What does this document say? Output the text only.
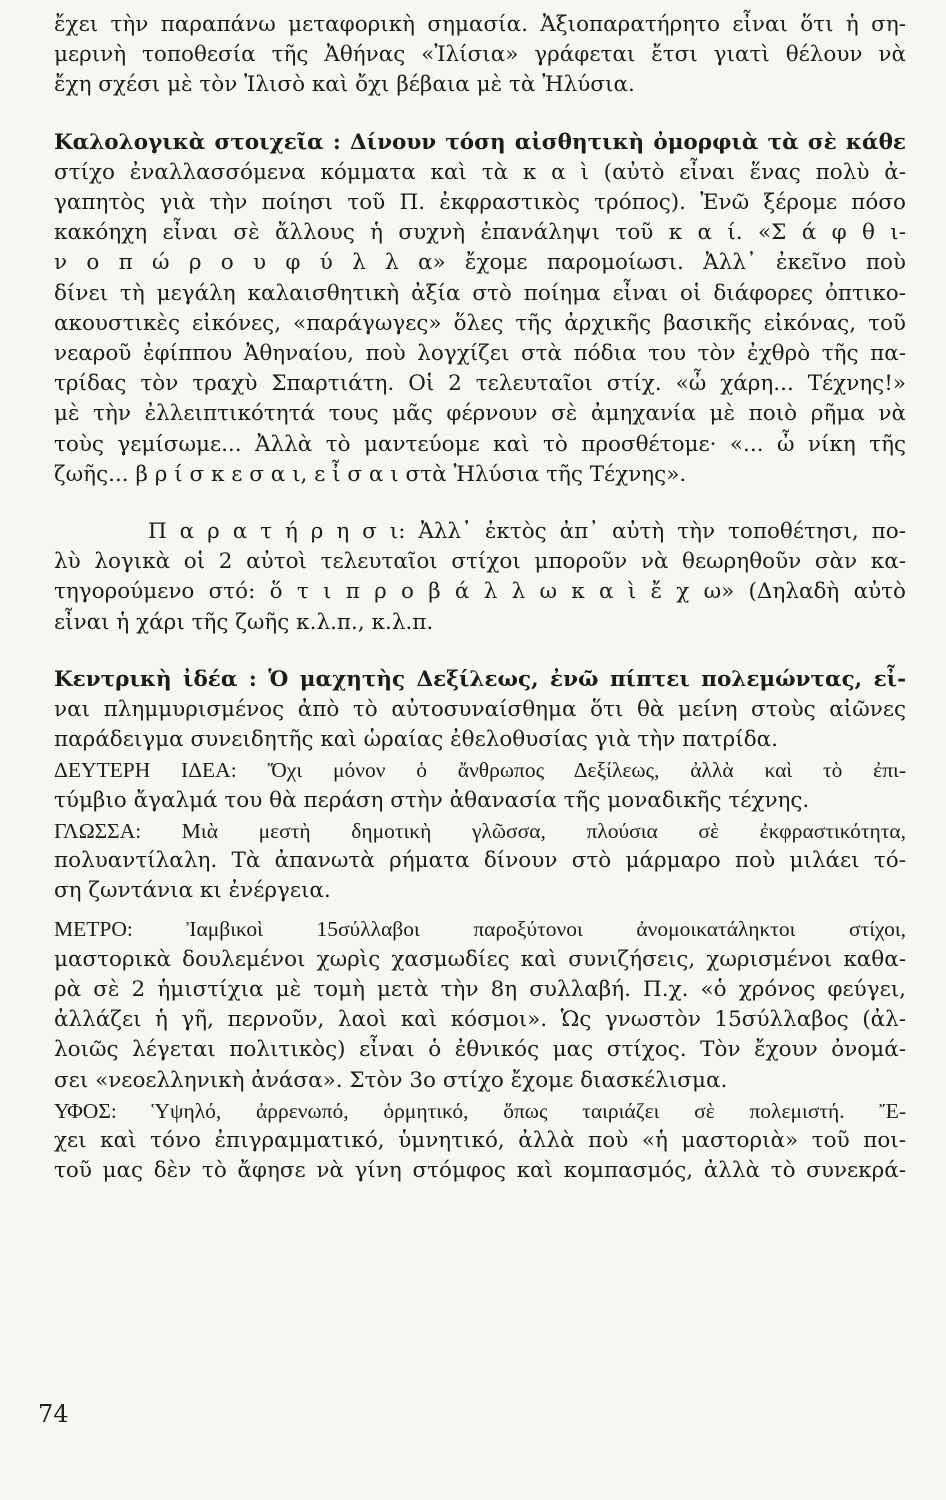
ἔχει τὴν παραπάνω μεταφορικὴ σημασία. Ἀξιοπαρατήρητο εἶναι ὅτι ἡ ση-
μερινὴ τοποθεσία τῆς Ἀθήνας «Ἰλίσια» γράφεται ἔτσι γιατὶ θέλουν νὰ
ἔχη σχέσι μὲ τὸν Ἰλισὸ καὶ ὄχι βέβαια μὲ τὰ Ἠλύσια.
Καλολογικὰ στοιχεῖα : Δίνουν τόση αἰσθητικὴ ὀμορφιὰ τὰ σὲ κάθε
στίχο ἐναλλασσόμενα κόμματα καὶ τὰ κ α ὶ (αὐτὸ εἶναι ἕνας πολὺ ἀ-
γαπητὸς γιὰ τὴν ποίησι τοῦ Π. ἐκφραστικὸς τρόπος). Ἐνῶ ξέρομε πόσο
κακόηχη εἶναι σὲ ἄλλους ἡ συχνὴ ἐπανάληψι τοῦ κ α ί. «Σ ά φ θ ι-
ν ο π ώ ρ ο υ φ ύ λ λ α» ἔχομε παρομοίωσι. Ἀλλ᾽ ἐκεῖνο ποὺ
δίνει τὴ μεγάλη καλαισθητικὴ ἀξία στὸ ποίημα εἶναι οἱ διάφορες ὀπτικο-
ακουστικὲς εἰκόνες, «παράγωγες» ὅλες τῆς ἀρχικῆς βασικῆς εἰκόνας, τοῦ
νεαροῦ ἐφίππου Ἀθηναίου, ποὺ λογχίζει στὰ πόδια του τὸν ἐχθρὸ τῆς πα-
τρίδας τὸν τραχὺ Σπαρτιάτη. Οἱ 2 τελευταῖοι στίχ. «ὦ χάρη... Τέχνης!»
μὲ τὴν ἐλλειπτικότητά τους μᾶς φέρνουν σὲ ἀμηχανία μὲ ποιὸ ρῆμα νὰ
τοὺς γεμίσωμε... Ἀλλὰ τὸ μαντεύομε καὶ τὸ προσθέτομε· «... ὦ νίκη τῆς
ζωῆς... β ρ ί σ κ ε σ α ι, ε ἶ σ α ι στὰ Ἠλύσια τῆς Τέχνης».
Π α ρ α τ ή ρ η σ ι: Ἀλλ᾽ ἐκτὸς ἀπ᾽ αὐτὴ τὴν τοποθέτησι, πο-
λὺ λογικὰ οἱ 2 αὐτοὶ τελευταῖοι στίχοι μποροῦν νὰ θεωρηθοῦν σὰν κα-
τηγορούμενο στό: ὅ τ ι π ρ ο β ά λ λ ω κ α ὶ ἔ χ ω» (Δηλαδὴ αὐτὸ
εἶναι ἡ χάρι τῆς ζωῆς κ.λ.π., κ.λ.π.
Κεντρικὴ ἰδέα : Ὁ μαχητὴς Δεξίλεως, ἐνῶ πίπτει πολεμώντας, εἶ-
ναι πλημμυρισμένος ἀπὸ τὸ αὐτοσυναίσθημα ὅτι θὰ μείνη στοὺς αἰῶνες
παράδειγμα συνειδητῆς καὶ ὡραίας ἐθελοθυσίας γιὰ τὴν πατρίδα.
ΔΕΥΤΕΡΗ ΙΔΕΑ: Ὄχι μόνον ὁ ἄνθρωπος Δεξίλεως, ἀλλὰ καὶ τὸ ἐπι-
τύμβιο ἄγαλμά του θὰ περάση στὴν ἀθανασία τῆς μοναδικῆς τέχνης.
ΓΛΩΣΣΑ: Μιὰ μεστὴ δημοτικὴ γλῶσσα, πλούσια σὲ ἐκφραστικότητα,
πολυαντίλαλη. Τὰ ἀπανωτὰ ρήματα δίνουν στὸ μάρμαρο ποὺ μιλάει τό-
ση ζωντάνια κι ἐνέργεια.
ΜΕΤΡΟ: Ἰαμβικοὶ 15σύλλαβοι παροξύτονοι ἀνομοικατάληκτοι στίχοι,
μαστορικὰ δουλεμένοι χωρὶς χασμωδίες καὶ συνιζήσεις, χωρισμένοι καθα-
ρὰ σὲ 2 ἡμιστίχια μὲ τομὴ μετὰ τὴν 8η συλλαβή. Π.χ. «ὁ χρόνος φεύγει,
ἀλλάζει ἡ γῆ, περνοῦν, λαοὶ καὶ κόσμοι». Ὡς γνωστὸν 15σύλλαβος (ἀλ-
λοιῶς λέγεται πολιτικὸς) εἶναι ὁ ἐθνικός μας στίχος. Τὸν ἔχουν ὀνομά-
σει «νεοελληνικὴ ἀνάσα». Στὸν 3ο στίχο ἔχομε διασκέλισμα.
ΥΦΟΣ: Ὑψηλό, ἀρρενωπό, ὁρμητικό, ὅπως ταιριάζει σὲ πολεμιστή. Ἔ-
χει καὶ τόνο ἐπιγραμματικό, ὑμνητικό, ἀλλὰ ποὺ «ἡ μαστοριὰ» τοῦ ποι-
τοῦ μας δὲν τὸ ἄφησε νὰ γίνη στόμφος καὶ κομπασμός, ἀλλὰ τὸ συνεκρά-
74
